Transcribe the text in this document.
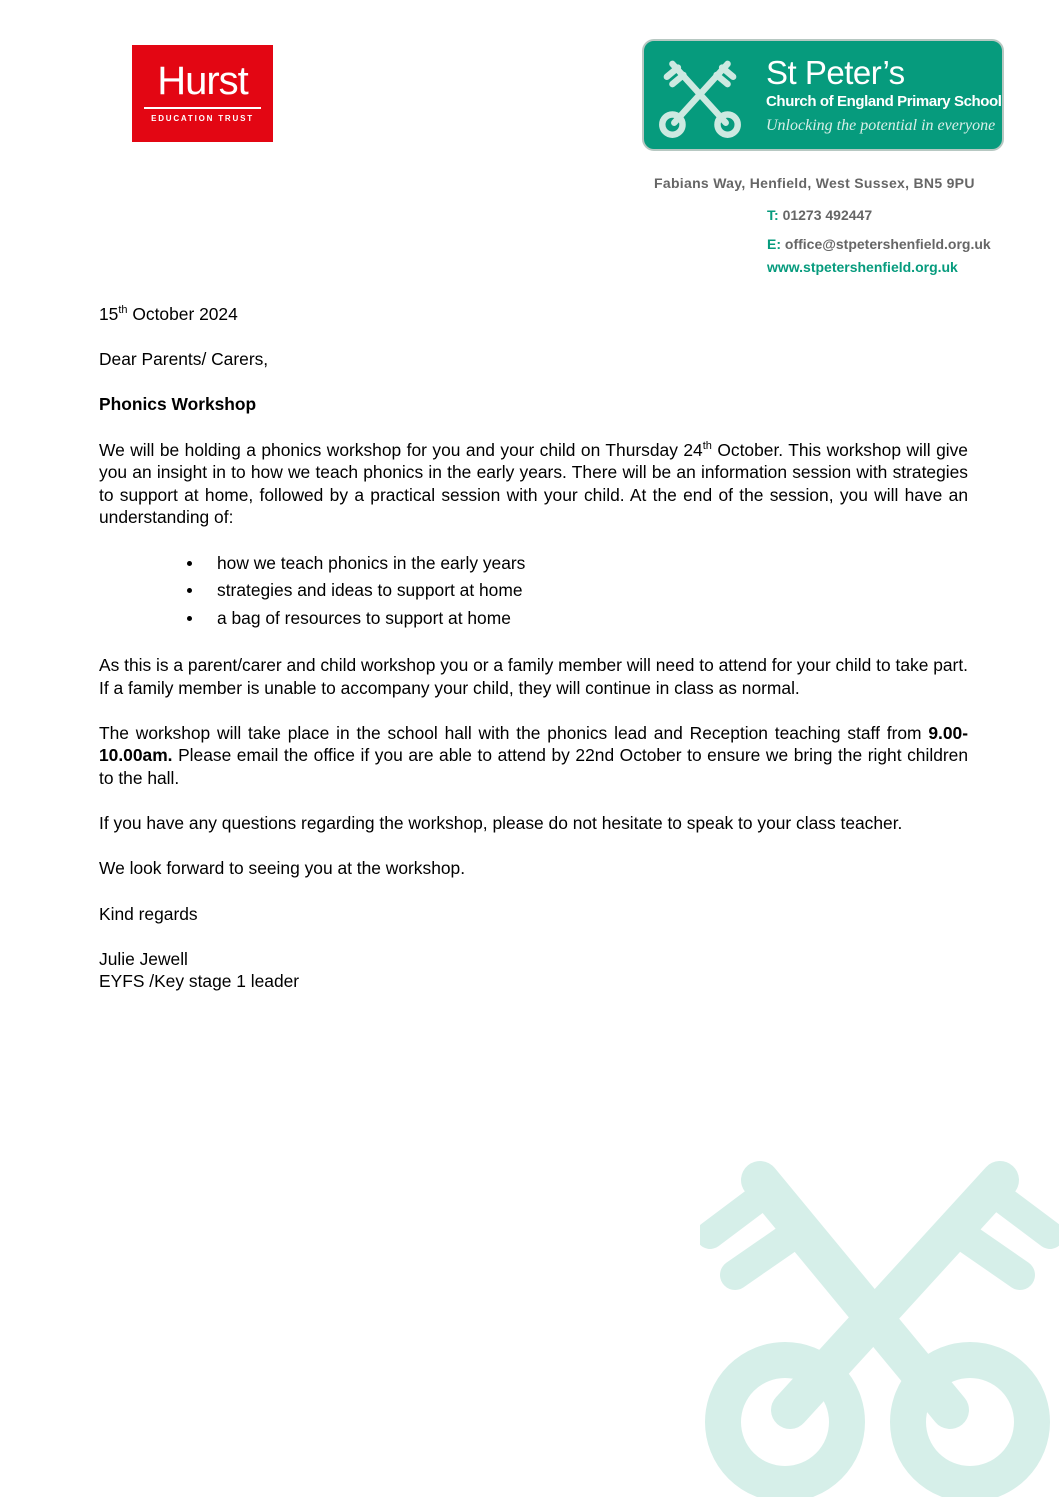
Hurst
EDUCATION TRUST
St Peter’s
Church of England Primary School
Unlocking the potential in everyone
Fabians Way, Henfield, West Sussex, BN5 9PU
T: 01273 492447
E: office@stpetershenfield.org.uk
www.stpetershenfield.org.uk

15th October 2024

Dear Parents/ Carers,

Phonics Workshop

We will be holding a phonics workshop for you and your child on Thursday 24th October. This workshop will give you an insight in to how we teach phonics in the early years. There will be an information session with strategies to support at home, followed by a practical session with your child. At the end of the session, you will have an understanding of:

how we teach phonics in the early years
strategies and ideas to support at home
a bag of resources to support at home

As this is a parent/carer and child workshop you or a family member will need to attend for your child to take part. If a family member is unable to accompany your child, they will continue in class as normal.

The workshop will take place in the school hall with the phonics lead and Reception teaching staff from 9.00-10.00am. Please email the office if you are able to attend by 22nd October to ensure we bring the right children to the hall.

If you have any questions regarding the workshop, please do not hesitate to speak to your class teacher.

We look forward to seeing you at the workshop.

Kind regards

Julie Jewell
EYFS /Key stage 1 leader
